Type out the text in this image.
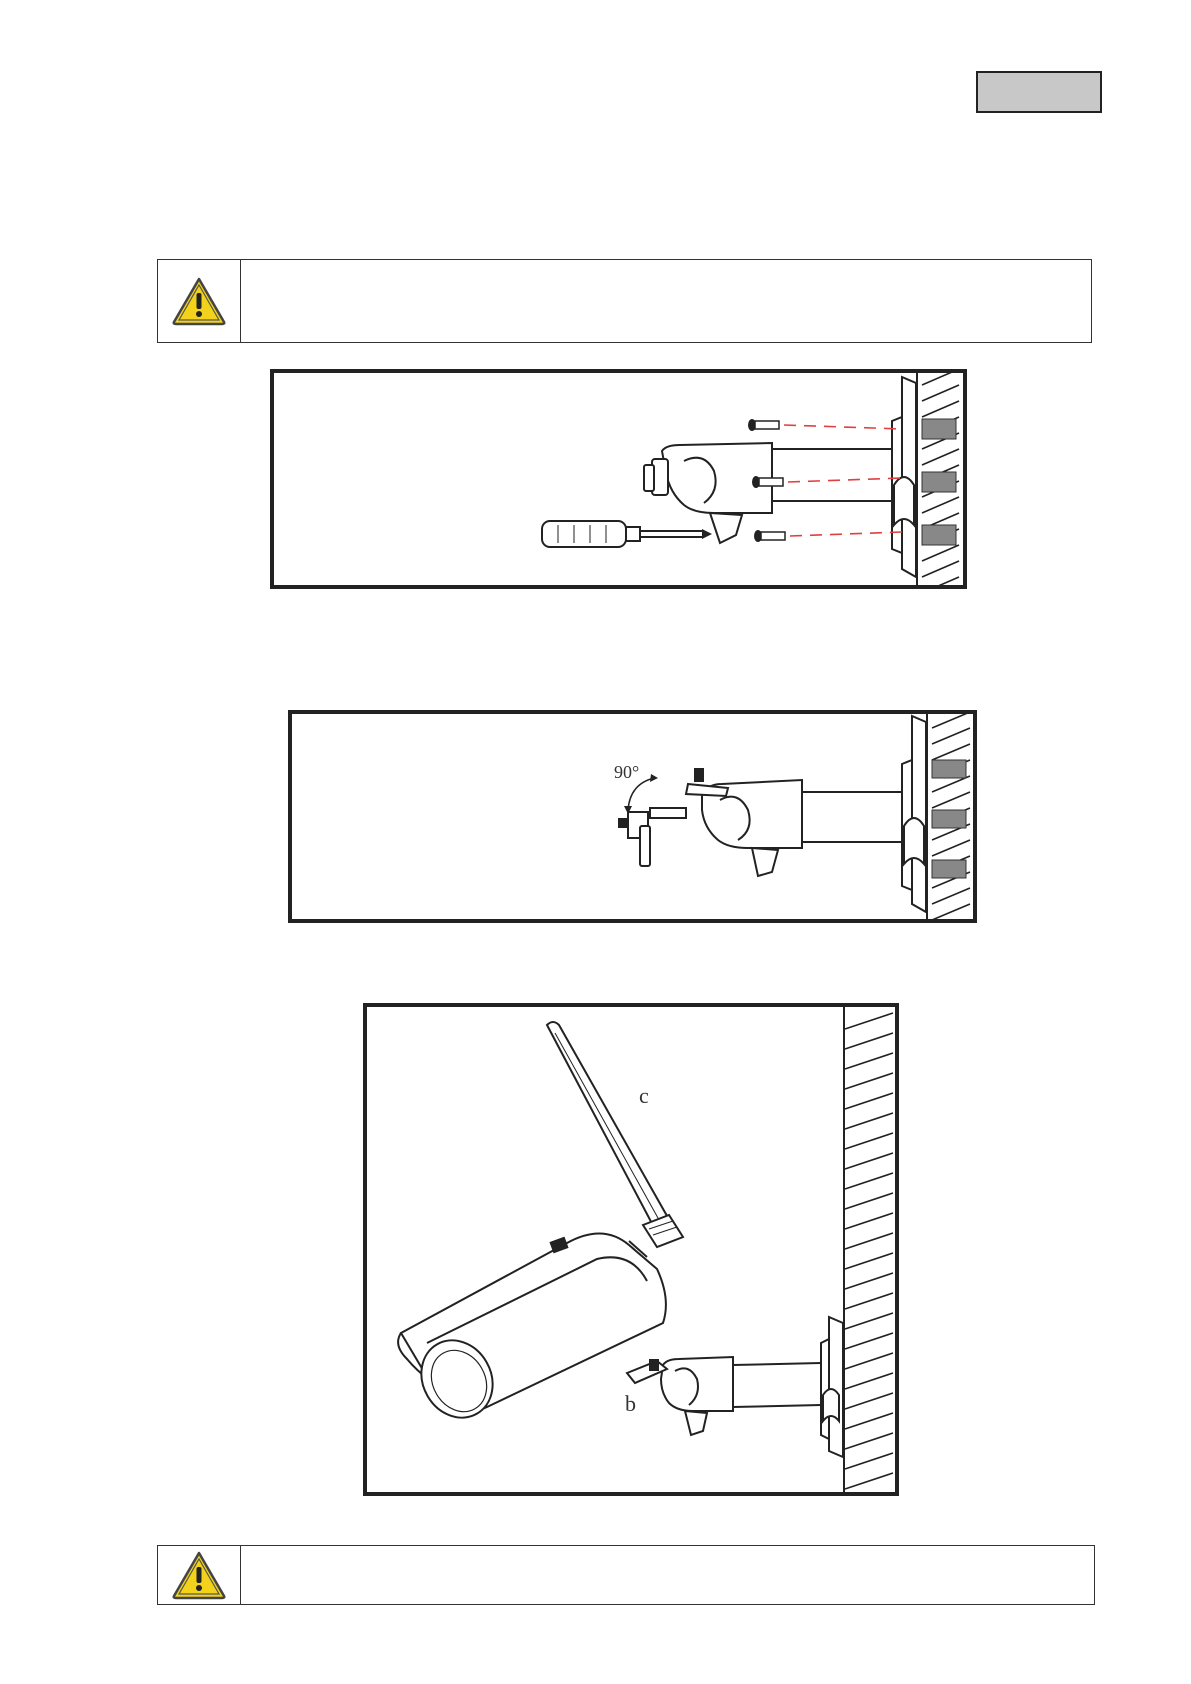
90°
c
b
